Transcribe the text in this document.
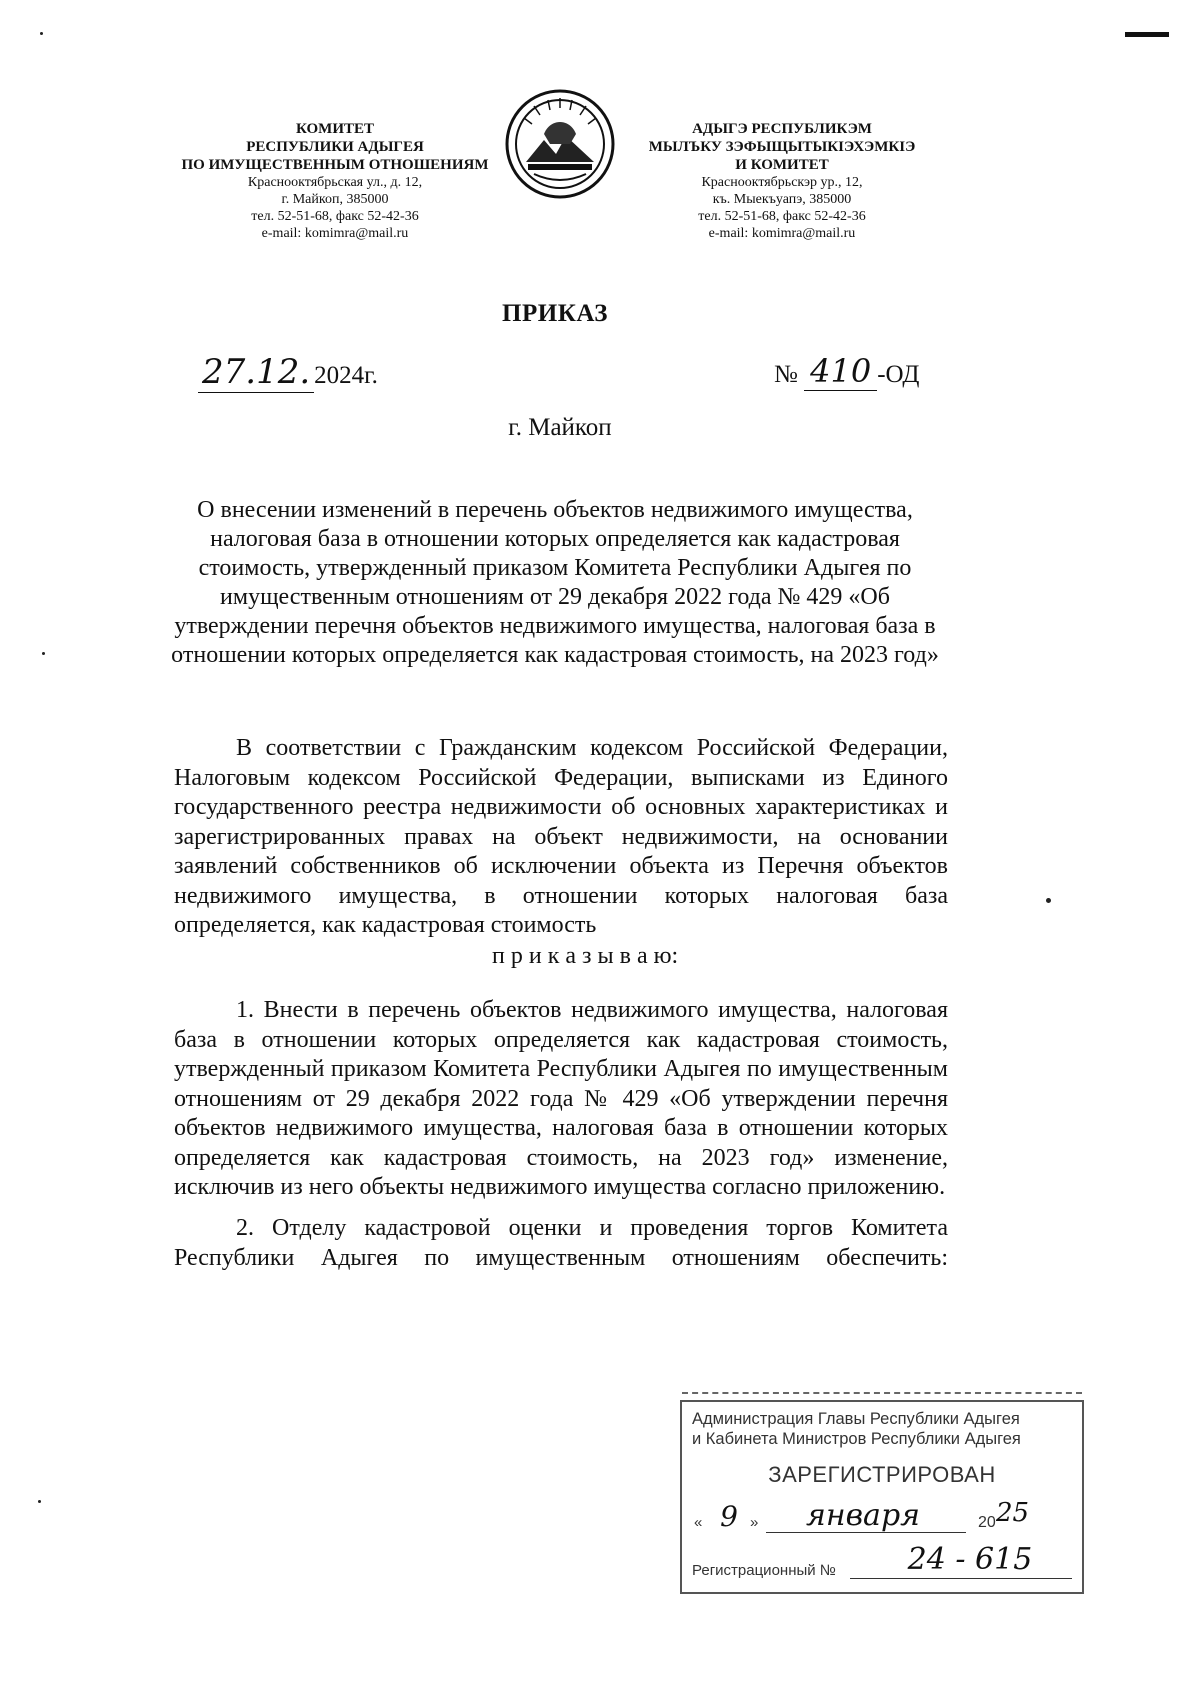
КОМИТЕТ
РЕСПУБЛИКИ АДЫГЕЯ
ПО ИМУЩЕСТВЕННЫМ ОТНОШЕНИЯМ
Краснооктябрьская ул., д. 12,
г. Майкоп, 385000
тел. 52-51-68, факс 52-42-36
e-mail: komimra@mail.ru
АДЫГЭ РЕСПУБЛИКЭМ
МЫЛЪКУ ЗЭФЫЩЫТЫКIЭХЭМКIЭ
И КОМИТЕТ
Краснооктябрьскэр ур., 12,
къ. Мыекъуапэ, 385000
тел. 52-51-68, факс 52-42-36
e-mail: komimra@mail.ru
ПРИКАЗ
27.12. 2024г.	№ 410 -ОД
г. Майкоп
О внесении изменений в перечень объектов недвижимого имущества,
налоговая база в отношении которых определяется как кадастровая
стоимость, утвержденный приказом Комитета Республики Адыгея по
имущественным отношениям от 29 декабря 2022 года № 429 «Об
утверждении перечня объектов недвижимого имущества, налоговая база в
отношении которых определяется как кадастровая стоимость, на 2023 год»

В соответствии с Гражданским кодексом Российской Федерации,

Налоговым кодексом Российской Федерации, выписками из Единого

государственного реестра недвижимости об основных характеристиках и

зарегистрированных правах на объект недвижимости, на основании

заявлений собственников об исключении объекта из Перечня объектов

недвижимого имущества, в отношении которых налоговая база

определяется, как кадастровая стоимость

п р и к а з ы в а ю:

1. Внести в перечень объектов недвижимого имущества, налоговая

база в отношении которых определяется как кадастровая стоимость,

утвержденный приказом Комитета Республики Адыгея по имущественным

отношениям от 29 декабря 2022 года № 429 «Об утверждении перечня

объектов недвижимого имущества, налоговая база в отношении которых

определяется как кадастровая стоимость, на 2023 год» изменение,

исключив из него объекты недвижимого имущества согласно приложению.

2. Отделу кадастровой оценки и проведения торгов Комитета

Республики Адыгея по имущественным отношениям обеспечить:

Администрация Главы Республики Адыгея
и Кабинета Министров Республики Адыгея
ЗАРЕГИСТРИРОВАН
« 9 »	января	20 25
Регистрационный №	24 - 615
